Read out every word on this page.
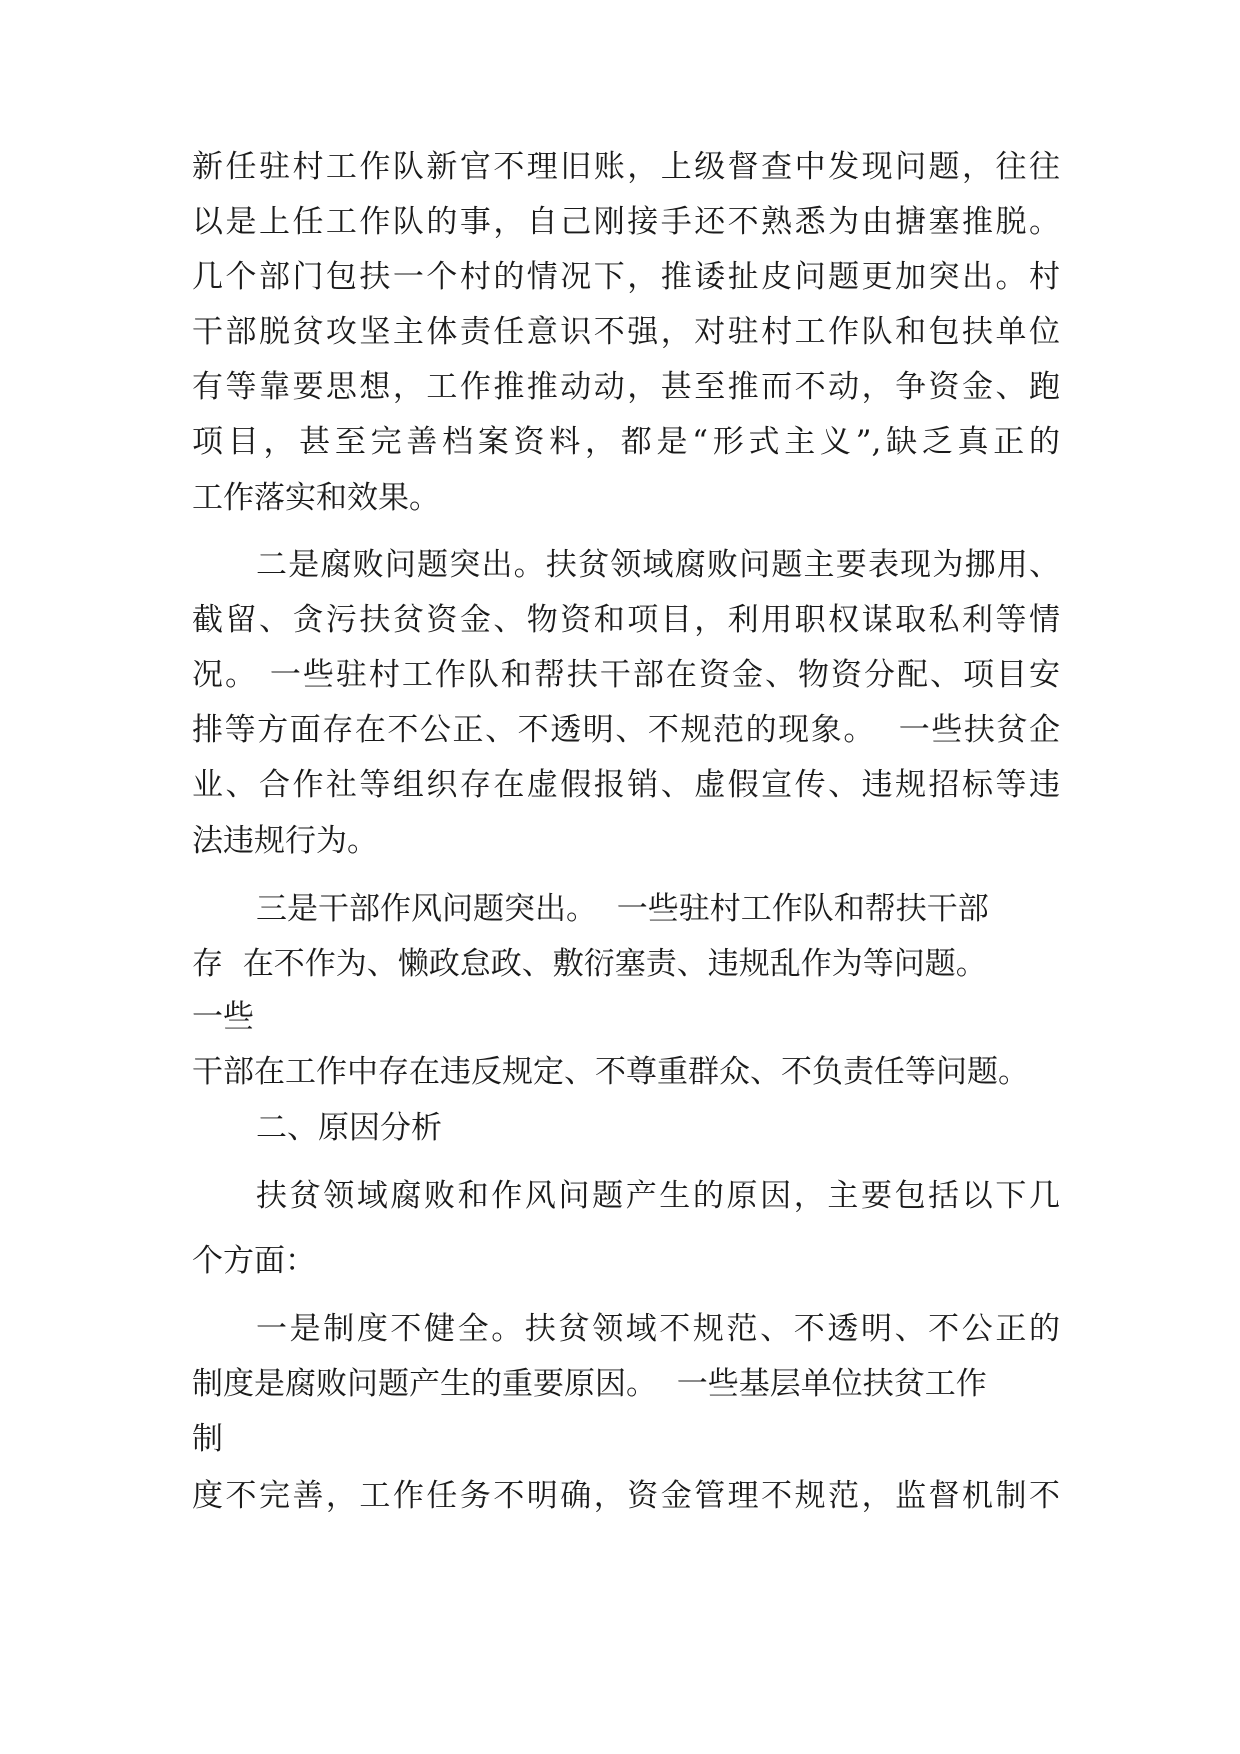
新任驻村工作队新官不理旧账，上级督查中发现问题，往往
以是上任工作队的事，自己刚接手还不熟悉为由搪塞推脱。
几个部门包扶一个村的情况下，推诿扯皮问题更加突出。村
干部脱贫攻坚主体责任意识不强，对驻村工作队和包扶单位
有等靠要思想，工作推推动动，甚至推而不动，争资金、跑
项目，甚至完善档案资料，都是“形式主义”,缺乏真正的
工作落实和效果。
二是腐败问题突出。扶贫领域腐败问题主要表现为挪用、
截留、贪污扶贫资金、物资和项目，利用职权谋取私利等情
况。 一些驻村工作队和帮扶干部在资金、物资分配、项目安
排等方面存在不公正、不透明、不规范的现象。  一些扶贫企
业、合作社等组织存在虚假报销、虚假宣传、违规招标等违
法违规行为。
三是干部作风问题突出。  一些驻村工作队和帮扶干部
存  在不作为、懒政怠政、敷衍塞责、违规乱作为等问题。
一些
干部在工作中存在违反规定、不尊重群众、不负责任等问题。
二、原因分析
扶贫领域腐败和作风问题产生的原因，主要包括以下几
个方面：
一是制度不健全。扶贫领域不规范、不透明、不公正的
制度是腐败问题产生的重要原因。  一些基层单位扶贫工作
制
度不完善，工作任务不明确，资金管理不规范，监督机制不
